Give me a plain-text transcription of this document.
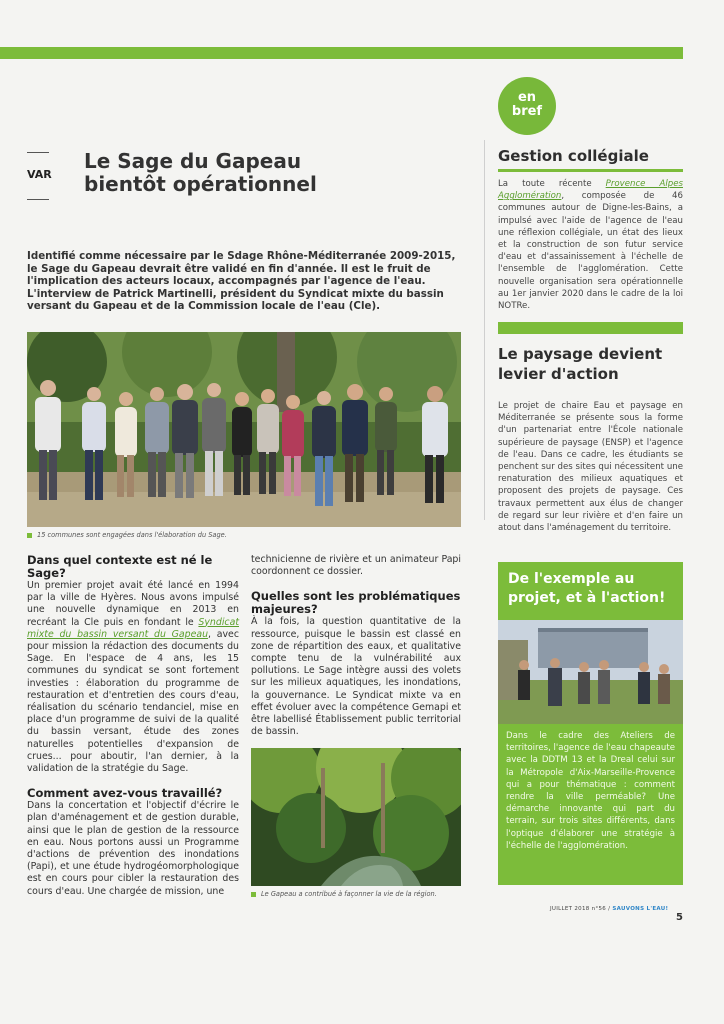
VAR
Le Sage du Gapeau
bientôt opérationnel
Identifié comme nécessaire par le Sdage Rhône-Méditerranée 2009-2015, le Sage du Gapeau devrait être validé en fin d'année. Il est le fruit de l'implication des acteurs locaux, accompagnés par l'agence de l'eau. L'interview de Patrick Martinelli, président du Syndicat mixte du bassin versant du Gapeau et de la Commission locale de l'eau (Cle).
15 communes sont engagées dans l'élaboration du Sage.
Dans quel contexte est né le Sage?
Un premier projet avait été lancé en 1994 par la ville de Hyères. Nous avons impulsé une nouvelle dynamique en 2013 en recréant la Cle puis en fondant le Syndicat mixte du bassin versant du Gapeau, avec pour mission la rédaction des documents du Sage. En l'espace de 4 ans, les 15 communes du syndicat se sont fortement investies : élaboration du programme de restauration et d'entretien des cours d'eau, réalisation du scénario tendanciel, mise en place d'un programme de suivi de la qualité du bassin versant, étude des zones naturelles potentielles d'expansion de crues... pour aboutir, l'an dernier, à la validation de la stratégie du Sage.
Comment avez-vous travaillé?
Dans la concertation et l'objectif d'écrire le plan d'aménagement et de gestion durable, ainsi que le plan de gestion de la ressource en eau. Nous portons aussi un Programme d'actions de prévention des inondations (Papi), et une étude hydrogéomorphologique est en cours pour cibler la restauration des cours d'eau. Une chargée de mission, une
technicienne de rivière et un animateur Papi coordonnent ce dossier.
Quelles sont les problématiques majeures?
À la fois, la question quantitative de la ressource, puisque le bassin est classé en zone de répartition des eaux, et qualitative compte tenu de la vulnérabilité aux pollutions. Le Sage intègre aussi des volets sur les milieux aquatiques, les inondations, la gouvernance. Le Syndicat mixte va en effet évoluer avec la compétence Gemapi et être labellisé Établissement public territorial de bassin.
Le Gapeau a contribué à façonner la vie de la région.
en
bref
Gestion collégiale
La toute récente Provence Alpes Agglomération, composée de 46 communes autour de Digne-les-Bains, a impulsé avec l'aide de l'agence de l'eau une réflexion collégiale, un état des lieux et la construction de son futur service d'eau et d'assainissement à l'échelle de l'ensemble de l'agglomération. Cette nouvelle organisation sera opérationnelle au 1er janvier 2020 dans le cadre de la loi NOTRe.
Le paysage devient levier d'action
Le projet de chaire Eau et paysage en Méditerranée se présente sous la forme d'un partenariat entre l'École nationale supérieure de paysage (ENSP) et l'agence de l'eau. Dans ce cadre, les étudiants se penchent sur des sites qui nécessitent une renaturation des milieux aquatiques et proposent des projets de paysage. Ces travaux permettent aux élus de changer de regard sur leur rivière et d'en faire un atout dans l'aménagement du territoire.
De l'exemple au projet, et à l'action!
Dans le cadre des Ateliers de territoires, l'agence de l'eau chapeaute avec la DDTM 13 et la Dreal celui sur la Métropole d'Aix-Marseille-Provence qui a pour thématique : comment rendre la ville perméable? Une démarche innovante qui part du terrain, sur trois sites différents, dans l'optique d'élaborer une stratégie à l'échelle de l'agglomération.
JUILLET 2018 n°56 / SAUVONS L'EAU!
5
